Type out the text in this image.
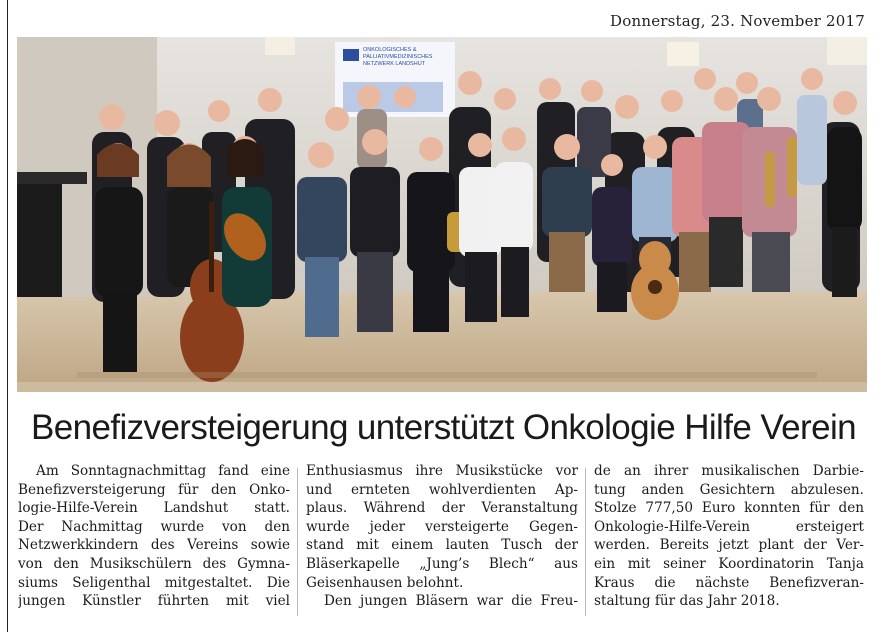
Donnerstag, 23. November 2017
ONKOLOGISCHES &
PALLIATIVMEDIZINISCHES
NETZWERK LANDSHUT
Benefizversteigerung unterstützt Onkologie Hilfe Verein
Am Sonntagnachmittag fand eine
Benefizversteigerung für den Onko-
logie-Hilfe-Verein Landshut statt.
Der Nachmittag wurde von den
Netzwerkkindern des Vereins sowie
von den Musikschülern des Gymna-
siums Seligenthal mitgestaltet. Die
jungen Künstler führten mit viel
Enthusiasmus ihre Musikstücke vor
und ernteten wohlverdienten Ap-
plaus. Während der Veranstaltung
wurde jeder versteigerte Gegen-
stand mit einem lauten Tusch der
Bläserkapelle „Jung’s Blech“ aus
Geisenhausen belohnt.
Den jungen Bläsern war die Freu-
de an ihrer musikalischen Darbie-
tung anden Gesichtern abzulesen.
Stolze 777,50 Euro konnten für den
Onkologie-Hilfe-Verein ersteigert
werden. Bereits jetzt plant der Ver-
ein mit seiner Koordinatorin Tanja
Kraus die nächste Benefizveran-
staltung für das Jahr 2018.
